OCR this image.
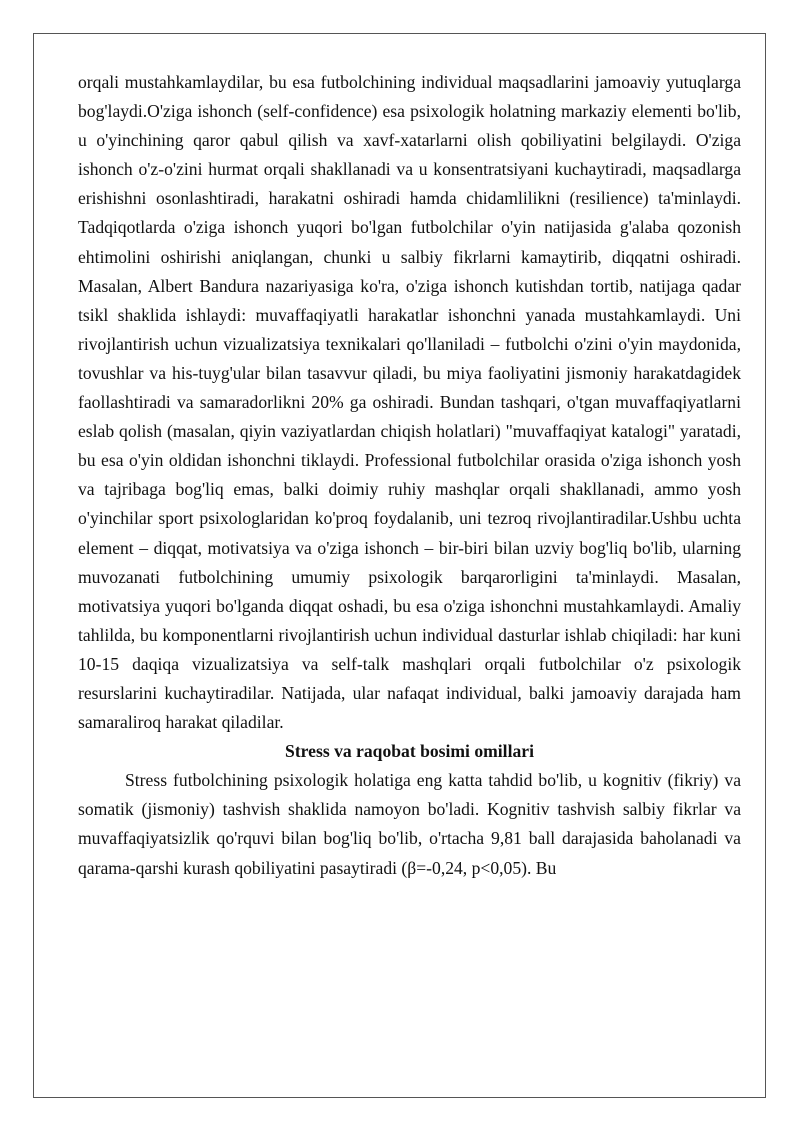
orqali mustahkamlaydilar, bu esa futbolchining individual maqsadlarini jamoaviy yutuqlarga bog'laydi.O'ziga ishonch (self-confidence) esa psixologik holatning markaziy elementi bo'lib, u o'yinchining qaror qabul qilish va xavf-xatarlarni olish qobiliyatini belgilaydi. O'ziga ishonch o'z-o'zini hurmat orqali shakllanadi va u konsentratsiyani kuchaytiradi, maqsadlarga erishishni osonlashtiradi, harakatni oshiradi hamda chidamlilikni (resilience) ta'minlaydi. Tadqiqotlarda o'ziga ishonch yuqori bo'lgan futbolchilar o'yin natijasida g'alaba qozonish ehtimolini oshirishi aniqlangan, chunki u salbiy fikrlarni kamaytirib, diqqatni oshiradi. Masalan, Albert Bandura nazariyasiga ko'ra, o'ziga ishonch kutishdan tortib, natijaga qadar tsikl shaklida ishlaydi: muvaffaqiyatli harakatlar ishonchni yanada mustahkamlaydi. Uni rivojlantirish uchun vizualizatsiya texnikalari qo'llaniladi – futbolchi o'zini o'yin maydonida, tovushlar va his-tuyg'ular bilan tasavvur qiladi, bu miya faoliyatini jismoniy harakatdagidek faollashtiradi va samaradorlikni 20% ga oshiradi. Bundan tashqari, o'tgan muvaffaqiyatlarni eslab qolish (masalan, qiyin vaziyatlardan chiqish holatlari) "muvaffaqiyat katalogi" yaratadi, bu esa o'yin oldidan ishonchni tiklaydi. Professional futbolchilar orasida o'ziga ishonch yosh va tajribaga bog'liq emas, balki doimiy ruhiy mashqlar orqali shakllanadi, ammo yosh o'yinchilar sport psixologlaridan ko'proq foydalanib, uni tezroq rivojlantiradilar.Ushbu uchta element – diqqat, motivatsiya va o'ziga ishonch – bir-biri bilan uzviy bog'liq bo'lib, ularning muvozanati futbolchining umumiy psixologik barqarorligini ta'minlaydi. Masalan, motivatsiya yuqori bo'lganda diqqat oshadi, bu esa o'ziga ishonchni mustahkamlaydi. Amaliy tahlilda, bu komponentlarni rivojlantirish uchun individual dasturlar ishlab chiqiladi: har kuni 10-15 daqiqa vizualizatsiya va self-talk mashqlari orqali futbolchilar o'z psixologik resurslarini kuchaytiradilar. Natijada, ular nafaqat individual, balki jamoaviy darajada ham samaraliroq harakat qiladilar.

Stress va raqobat bosimi omillari

Stress futbolchining psixologik holatiga eng katta tahdid bo'lib, u kognitiv (fikriy) va somatik (jismoniy) tashvish shaklida namoyon bo'ladi. Kognitiv tashvish salbiy fikrlar va muvaffaqiyatsizlik qo'rquvi bilan bog'liq bo'lib, o'rtacha 9,81 ball darajasida baholanadi va qarama-qarshi kurash qobiliyatini pasaytiradi (β=-0,24, p<0,05). Bu
